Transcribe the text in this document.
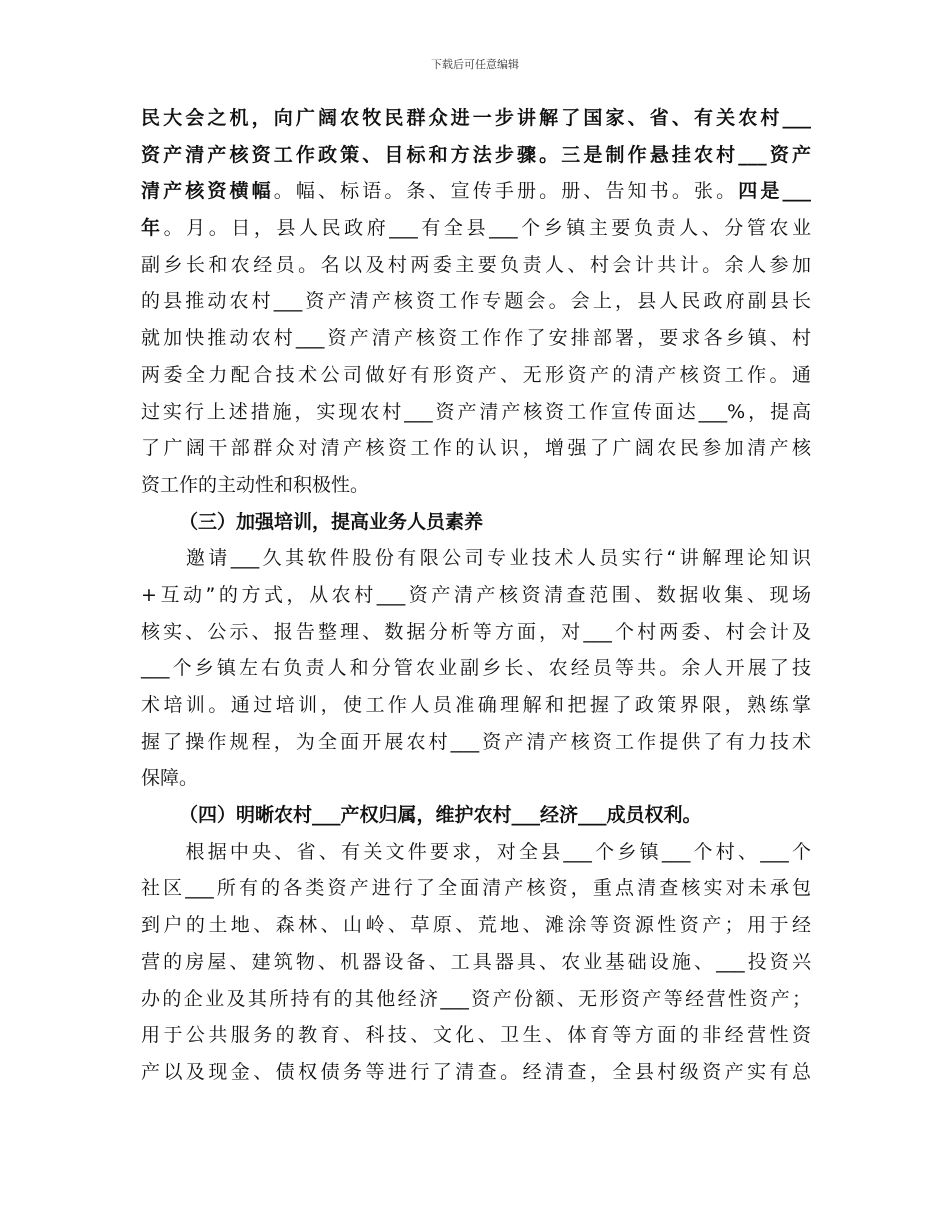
下载后可任意编辑
民大会之机，向广阔农牧民群众进一步讲解了国家、省、有关农村___
资产清产核资工作政策、目标和方法步骤。三是制作悬挂农村___资产
清产核资横幅。幅、标语。条、宣传手册。册、告知书。张。四是___
年。月。日，县人民政府___有全县___个乡镇主要负责人、分管农业
副乡长和农经员。名以及村两委主要负责人、村会计共计。余人参加
的县推动农村___资产清产核资工作专题会。会上，县人民政府副县长
就加快推动农村___资产清产核资工作作了安排部署，要求各乡镇、村
两委全力配合技术公司做好有形资产、无形资产的清产核资工作。通
过实行上述措施，实现农村___资产清产核资工作宣传面达___%，提高
了广阔干部群众对清产核资工作的认识，增强了广阔农民参加清产核
资工作的主动性和积极性。
（三）加强培训，提高业务人员素养
　　邀请___久其软件股份有限公司专业技术人员实行“讲解理论知识
+互动”的方式，从农村___资产清产核资清查范围、数据收集、现场
核实、公示、报告整理、数据分析等方面，对___个村两委、村会计及
___个乡镇左右负责人和分管农业副乡长、农经员等共。余人开展了技
术培训。通过培训，使工作人员准确理解和把握了政策界限，熟练掌
握了操作规程，为全面开展农村___资产清产核资工作提供了有力技术
保障。
（四）明晰农村___产权归属，维护农村___经济___成员权利。
　　根据中央、省、有关文件要求，对全县___个乡镇___个村、___个
社区___所有的各类资产进行了全面清产核资，重点清查核实对未承包
到户的土地、森林、山岭、草原、荒地、滩涂等资源性资产；用于经
营的房屋、建筑物、机器设备、工具器具、农业基础设施、___投资兴
办的企业及其所持有的其他经济___资产份额、无形资产等经营性资产；
用于公共服务的教育、科技、文化、卫生、体育等方面的非经营性资
产以及现金、债权债务等进行了清查。经清查，全县村级资产实有总
